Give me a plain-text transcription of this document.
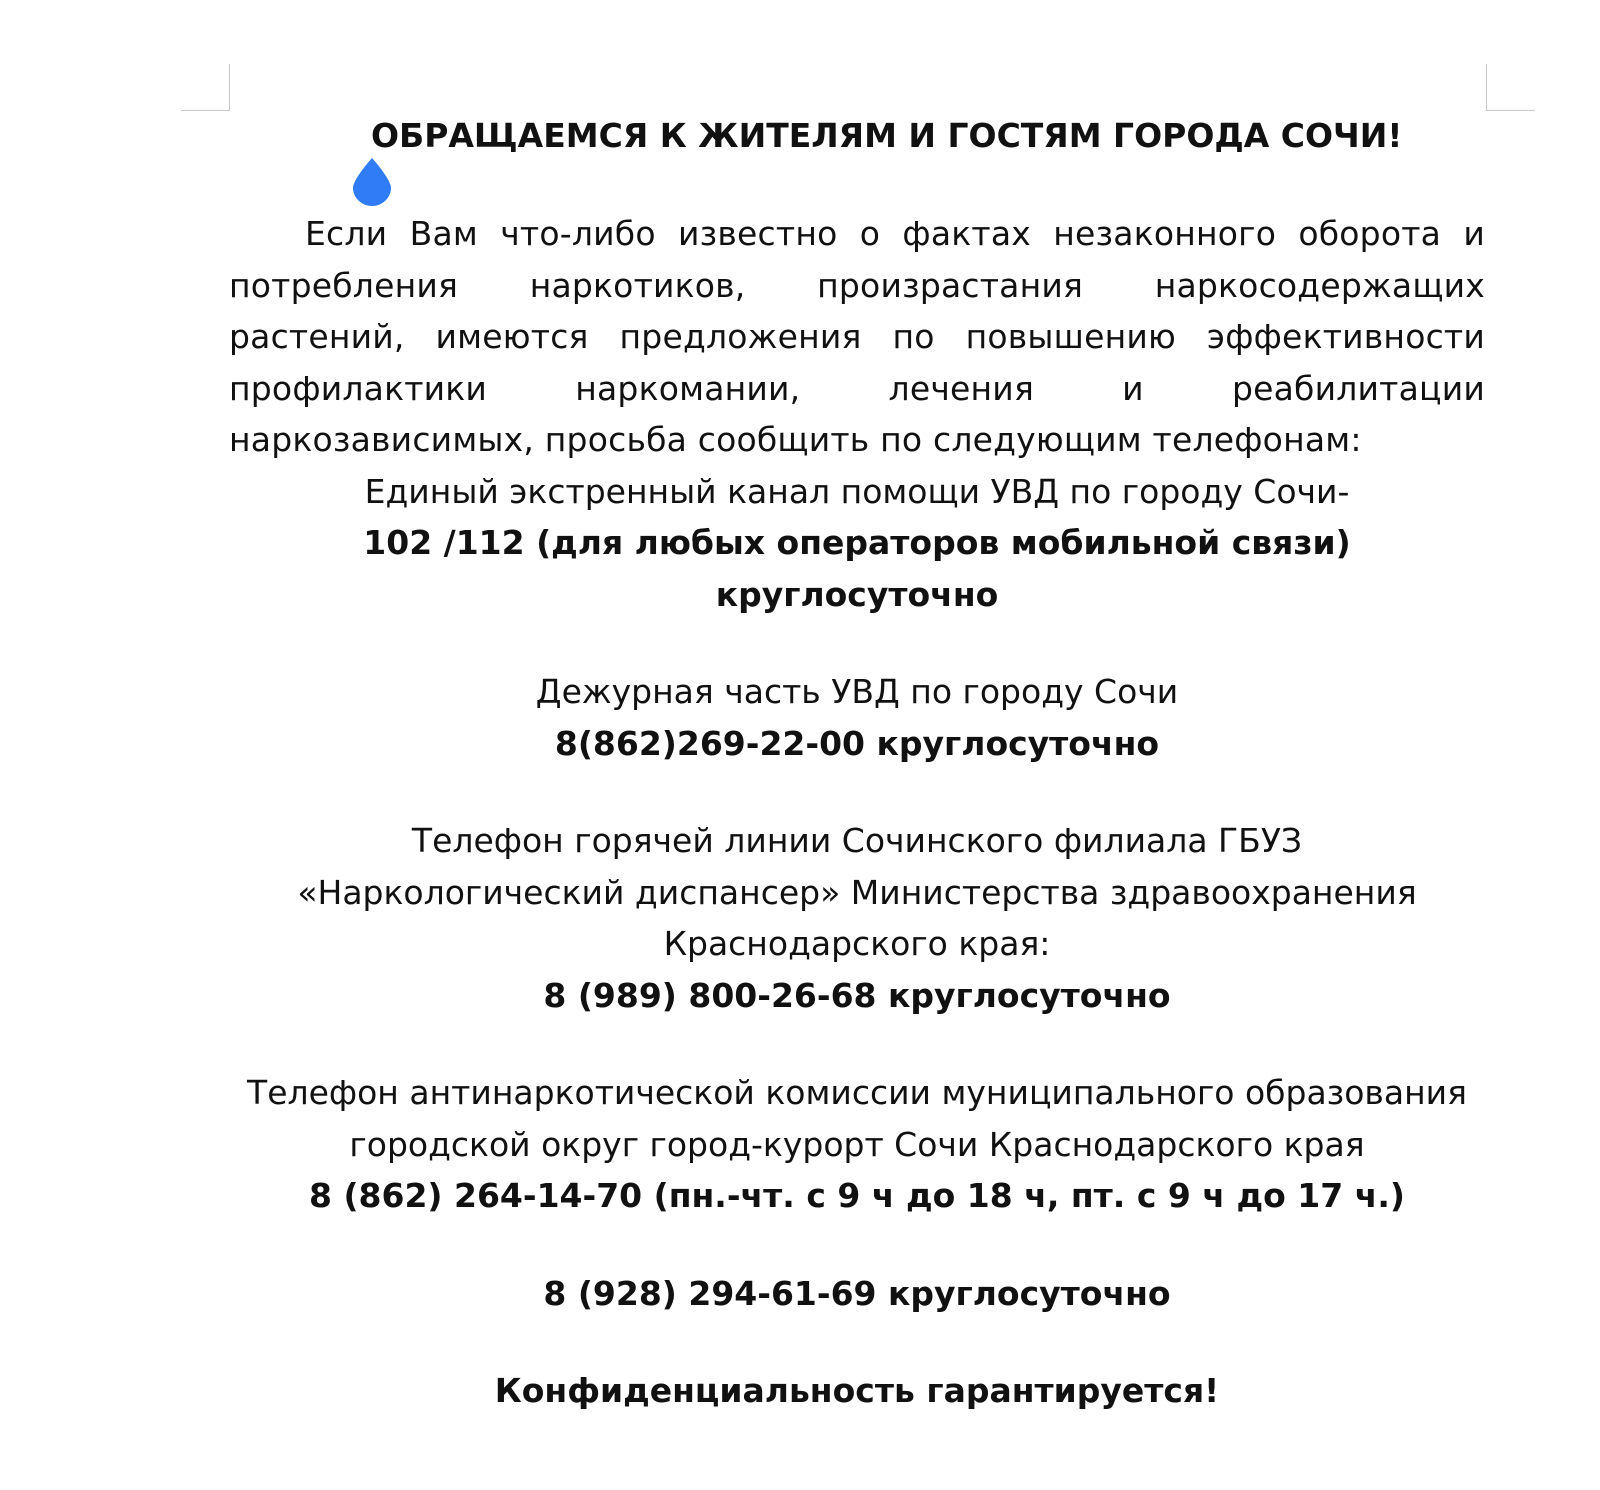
ОБРАЩАЕМСЯ К ЖИТЕЛЯМ И ГОСТЯМ ГОРОДА СОЧИ!

Если Вам что-либо известно о фактах незаконного оборота и потребления наркотиков, произрастания наркосодержащих растений, имеются предложения по повышению эффективности профилактики наркомании, лечения и реабилитации наркозависимых, просьба сообщить по следующим телефонам:

Единый экстренный канал помощи УВД по городу Сочи-

102 /112 (для любых операторов мобильной связи) круглосуточно

Дежурная часть УВД по городу Сочи

8(862)269-22-00 круглосуточно

Телефон горячей линии Сочинского филиала ГБУЗ

«Наркологический диспансер» Министерства здравоохранения

Краснодарского края:

8 (989) 800-26-68 круглосуточно

Телефон антинаркотической комиссии муниципального образования

городской округ город-курорт Сочи Краснодарского края

8 (862) 264-14-70 (пн.-чт. с 9 ч до 18 ч, пт. с 9 ч до 17 ч.)

8 (928) 294-61-69 круглосуточно

Конфиденциальность гарантируется!
